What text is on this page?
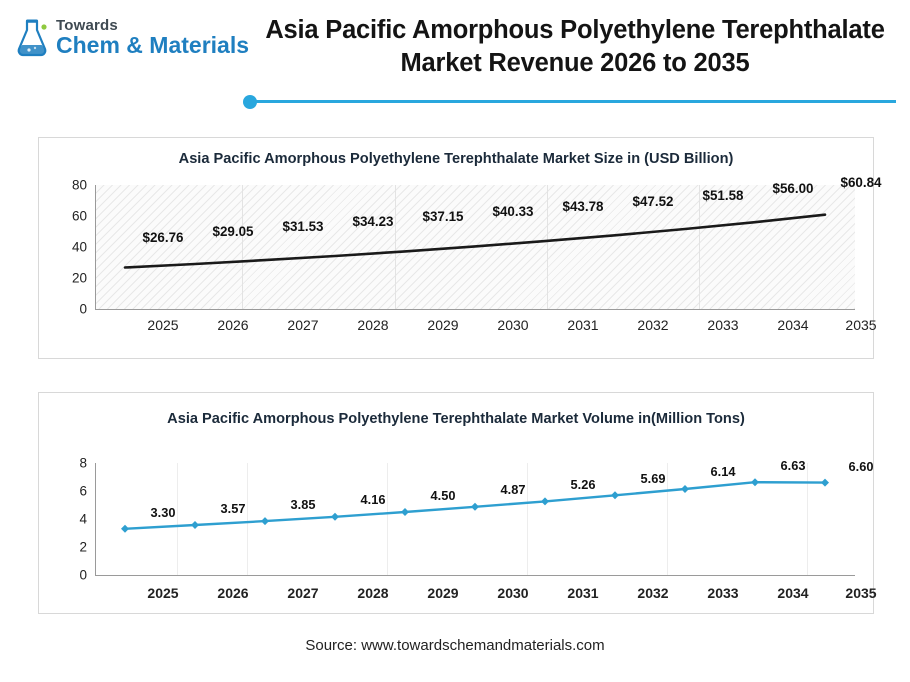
Towards
Chem & Materials
Asia Pacific Amorphous Polyethylene Terephthalate Market Revenue 2026 to 2035
Asia Pacific Amorphous Polyethylene Terephthalate Market Size in (USD Billion)
80
60
40
20
0
$26.76 $29.05 $31.53 $34.23 $37.15 $40.33 $43.78 $47.52 $51.58 $56.00 $60.84
2025	2026	2027	2028	2029	2030	2031	2032	2033	2034	2035
Asia Pacific Amorphous Polyethylene Terephthalate Market Volume in(Million Tons)
8
6
4
2
0
3.30	3.57	3.85	4.16	4.50	4.87	5.26	5.69	6.14	6.63	6.60
2025	2026	2027	2028	2029	2030	2031	2032	2033	2034	2035
Source: www.towardschemandmaterials.com
